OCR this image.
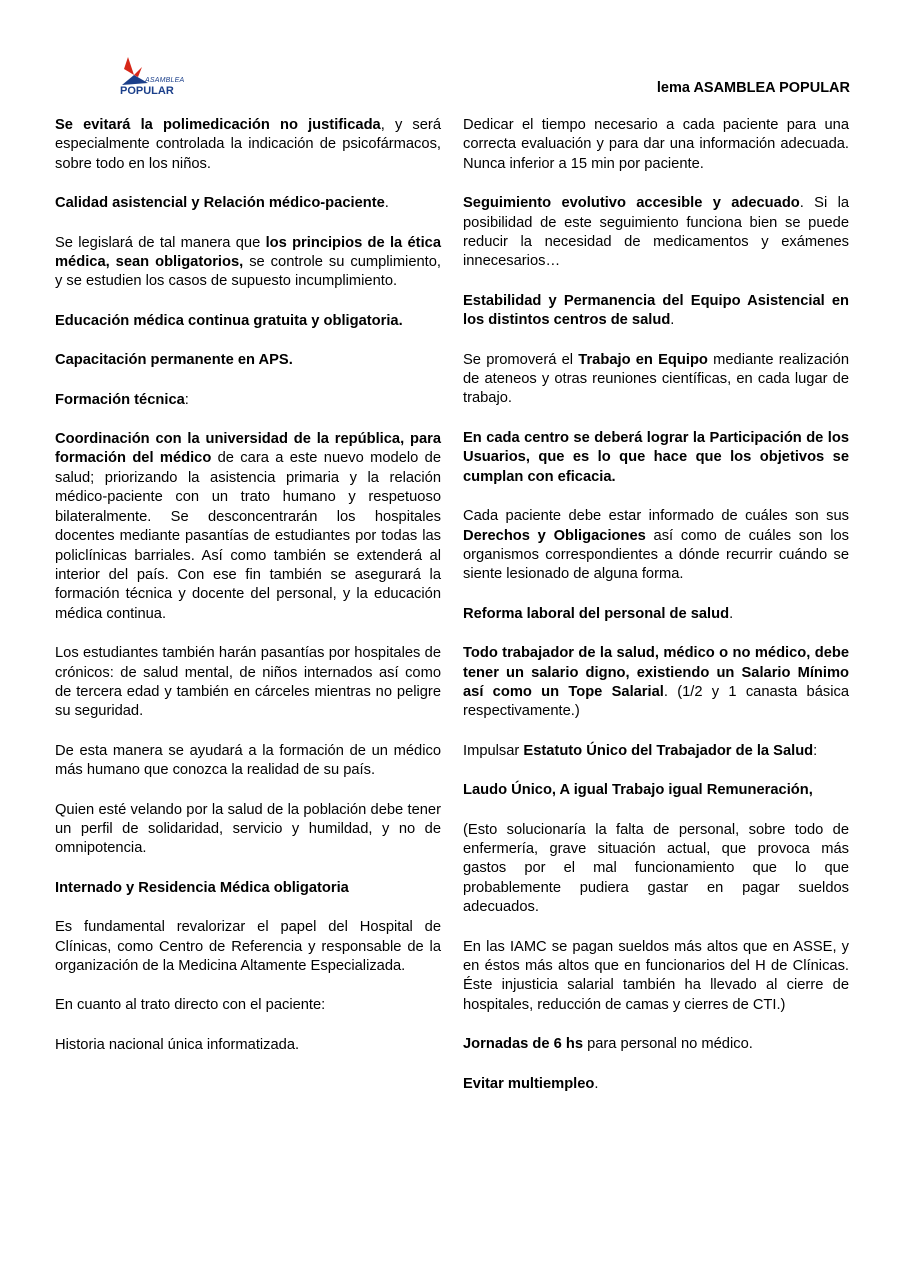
ASAMBLEA
POPULAR	lema ASAMBLEA POPULAR

Se evitará la polimedicación no justificada, y será especialmente controlada la indicación de psicofármacos, sobre todo en los niños.

Calidad asistencial y Relación médico-paciente.

Se legislará de tal manera que los principios de la ética médica, sean obligatorios, se controle su cumplimiento, y se estudien los casos de supuesto incumplimiento.

Educación médica continua gratuita y obligatoria.

Capacitación permanente en APS.

Formación técnica:

Coordinación con la universidad de la república, para formación del médico de cara a este nuevo modelo de salud; priorizando la asistencia primaria y la relación médico-paciente con un trato humano y respetuoso bilateralmente. Se desconcentrarán los hospitales docentes mediante pasantías de estudiantes por todas las policlínicas barriales. Así como también se extenderá al interior del país. Con ese fin también se asegurará la formación técnica y docente del personal, y la educación médica continua.

Los estudiantes también harán pasantías por hospitales de crónicos: de salud mental, de niños internados así como de tercera edad y también en cárceles mientras no peligre su seguridad.

De esta manera se ayudará a la formación de un médico más humano que conozca la realidad de su país.

Quien esté velando por la salud de la población debe tener un perfil de solidaridad, servicio y humildad, y no de omnipotencia.

Internado y Residencia Médica obligatoria

Es fundamental revalorizar el papel del Hospital de Clínicas, como Centro de Referencia y responsable de la organización de la Medicina Altamente Especializada.

En cuanto al trato directo con el paciente:

Historia nacional única informatizada.

Dedicar el tiempo necesario a cada paciente para una correcta evaluación y para dar una información adecuada. Nunca inferior a 15 min por paciente.

Seguimiento evolutivo accesible y adecuado. Si la posibilidad de este seguimiento funciona bien se puede reducir la necesidad de medicamentos y exámenes innecesarios…

Estabilidad y Permanencia del Equipo Asistencial en los distintos centros de salud.

Se promoverá el Trabajo en Equipo mediante realización de ateneos y otras reuniones científicas, en cada lugar de trabajo.

En cada centro se deberá lograr la Participación de los Usuarios, que es lo que hace que los objetivos se cumplan con eficacia.

Cada paciente debe estar informado de cuáles son sus Derechos y Obligaciones así como de cuáles son los organismos correspondientes a dónde recurrir cuándo se siente lesionado de alguna forma.

Reforma laboral del personal de salud.

Todo trabajador de la salud, médico o no médico, debe tener un salario digno, existiendo un Salario Mínimo así como un Tope Salarial. (1/2 y 1 canasta básica respectivamente.)

Impulsar Estatuto Único del Trabajador de la Salud:

Laudo Único, A igual Trabajo igual Remuneración,

(Esto solucionaría la falta de personal, sobre todo de enfermería, grave situación actual, que provoca más gastos por el mal funcionamiento que lo que probablemente pudiera gastar en pagar sueldos adecuados.

En las IAMC se pagan sueldos más altos que en ASSE, y en éstos más altos que en funcionarios del H de Clínicas. Éste injusticia salarial también ha llevado al cierre de hospitales, reducción de camas y cierres de CTI.)

Jornadas de 6 hs para personal no médico.

Evitar multiempleo.
